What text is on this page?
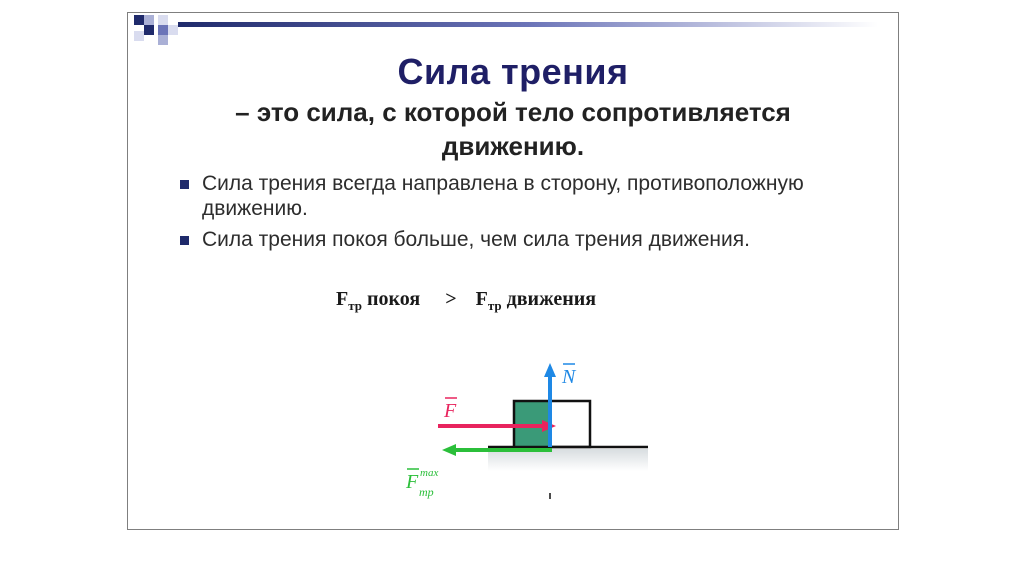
Сила трения
– это сила, с которой тело сопротивляется
движению.
Сила трения всегда направлена в сторону, противоположную движению.
Сила трения покоя больше, чем сила трения движения.
$F_{тр}$ покоя > $F_{тр}$ движения
N
F
F max
тр
